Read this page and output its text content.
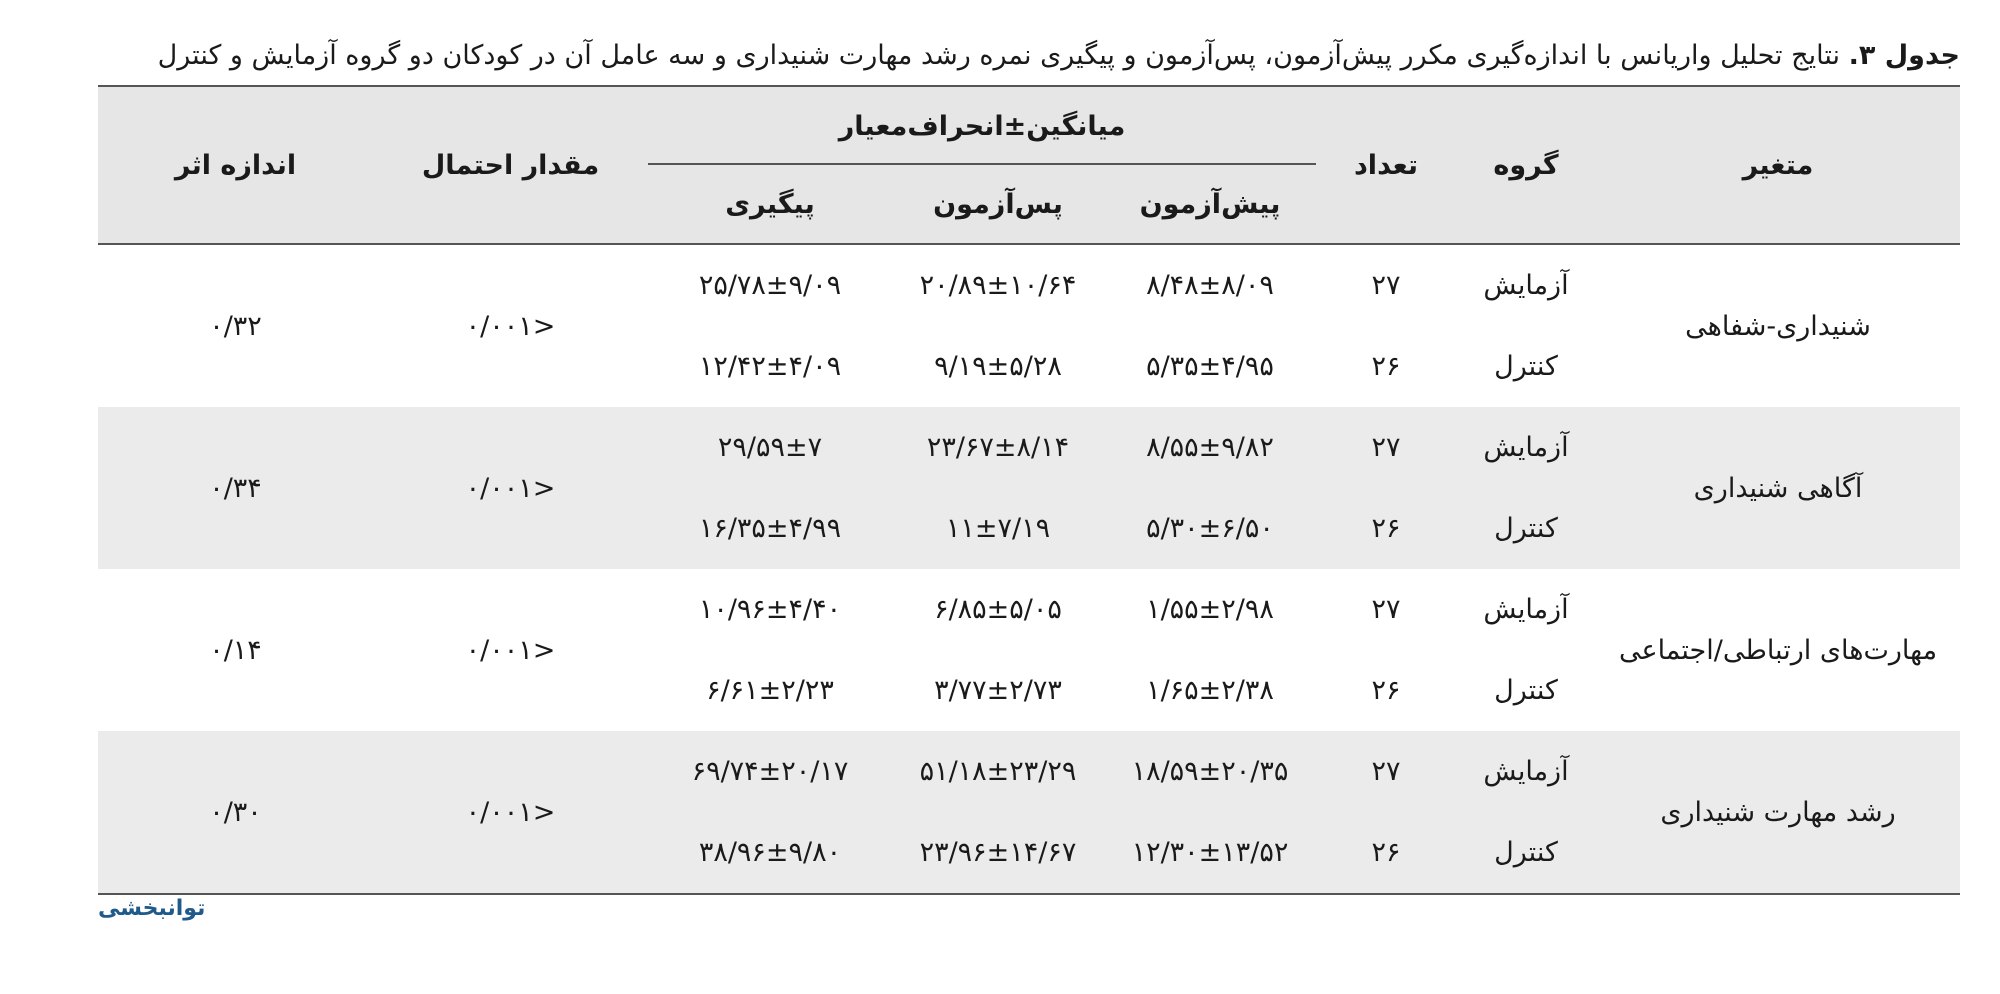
جدول ۳. نتایج تحلیل واریانس با اندازه‌گیری مکرر پیش‌آزمون، پس‌آزمون و پیگیری نمره رشد مهارت شنیداری و سه عامل آن در کودکان دو گروه آزمایش و کنترل
متغیر	گروه	تعداد	میانگین±انحراف‌معیار			مقدار احتمال	اندازه اثر
			پیش‌آزمون	پس‌آزمون	پیگیری		
شنیداری-شفاهی	آزمایش	۲۷	۸/۴۸±۸/۰۹	۲۰/۸۹±۱۰/۶۴	۲۵/۷۸±۹/۰۹	<۰/۰۰۱	۰/۳۲
	کنترل	۲۶	۵/۳۵±۴/۹۵	۹/۱۹±۵/۲۸	۱۲/۴۲±۴/۰۹		
آگاهی شنیداری	آزمایش	۲۷	۸/۵۵±۹/۸۲	۲۳/۶۷±۸/۱۴	۲۹/۵۹±۷	<۰/۰۰۱	۰/۳۴
	کنترل	۲۶	۵/۳۰±۶/۵۰	۱۱±۷/۱۹	۱۶/۳۵±۴/۹۹		
مهارت‌های ارتباطی/اجتماعی	آزمایش	۲۷	۱/۵۵±۲/۹۸	۶/۸۵±۵/۰۵	۱۰/۹۶±۴/۴۰	<۰/۰۰۱	۰/۱۴
	کنترل	۲۶	۱/۶۵±۲/۳۸	۳/۷۷±۲/۷۳	۶/۶۱±۲/۲۳		
رشد مهارت شنیداری	آزمایش	۲۷	۱۸/۵۹±۲۰/۳۵	۵۱/۱۸±۲۳/۲۹	۶۹/۷۴±۲۰/۱۷	<۰/۰۰۱	۰/۳۰
	کنترل	۲۶	۱۲/۳۰±۱۳/۵۲	۲۳/۹۶±۱۴/۶۷	۳۸/۹۶±۹/۸۰		
توانبخشی
